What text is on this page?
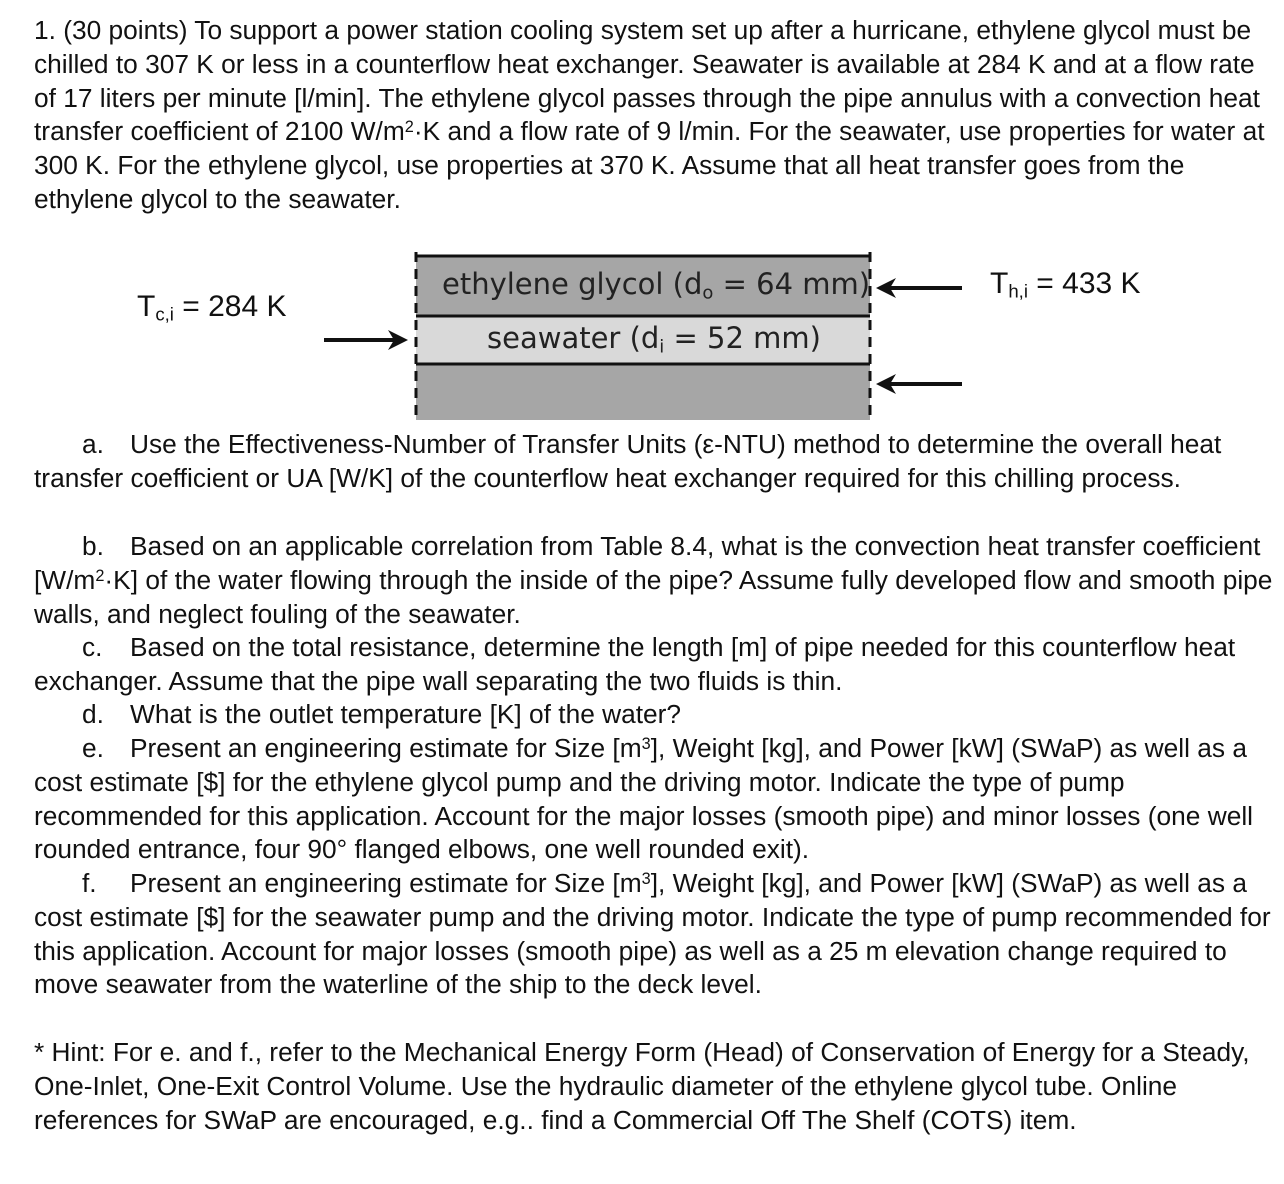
1. (30 points) To support a power station cooling system set up after a hurricane, ethylene glycol must be chilled to 307 K or less in a counterflow heat exchanger. Seawater is available at 284 K and at a flow rate of 17 liters per minute [l/min]. The ethylene glycol passes through the pipe annulus with a convection heat transfer coefficient of 2100 $W/m^2\cdot K$ and a flow rate of 9 l/min. For the seawater, use properties for water at 300 K. For the ethylene glycol, use properties at 370 K. Assume that all heat transfer goes from the ethylene glycol to the seawater.

ethylene glycol ($d_o = 64$ mm)
seawater ($d_i = 52$ mm)
$T_{c,i} = 284$ K
$T_{h,i} = 433$ K

a. Use the Effectiveness-Number of Transfer Units (ε-NTU) method to determine the overall heat transfer coefficient or UA [W/K] of the counterflow heat exchanger required for this chilling process.

b. Based on an applicable correlation from Table 8.4, what is the convection heat transfer coefficient $[W/m^2\cdot K]$ of the water flowing through the inside of the pipe? Assume fully developed flow and smooth pipe walls, and neglect fouling of the seawater.

c. Based on the total resistance, determine the length [m] of pipe needed for this counterflow heat exchanger. Assume that the pipe wall separating the two fluids is thin.

d. What is the outlet temperature [K] of the water?

e. Present an engineering estimate for Size $[m^3]$, Weight [kg], and Power [kW] (SWaP) as well as a cost estimate [$] for the ethylene glycol pump and the driving motor. Indicate the type of pump recommended for this application. Account for the major losses (smooth pipe) and minor losses (one well rounded entrance, four 90° flanged elbows, one well rounded exit).

f. Present an engineering estimate for Size $[m^3]$, Weight [kg], and Power [kW] (SWaP) as well as a cost estimate [$] for the seawater pump and the driving motor. Indicate the type of pump recommended for this application. Account for major losses (smooth pipe) as well as a 25 m elevation change required to move seawater from the waterline of the ship to the deck level.

* Hint: For e. and f., refer to the Mechanical Energy Form (Head) of Conservation of Energy for a Steady, One-Inlet, One-Exit Control Volume. Use the hydraulic diameter of the ethylene glycol tube. Online references for SWaP are encouraged, e.g.. find a Commercial Off The Shelf (COTS) item.
